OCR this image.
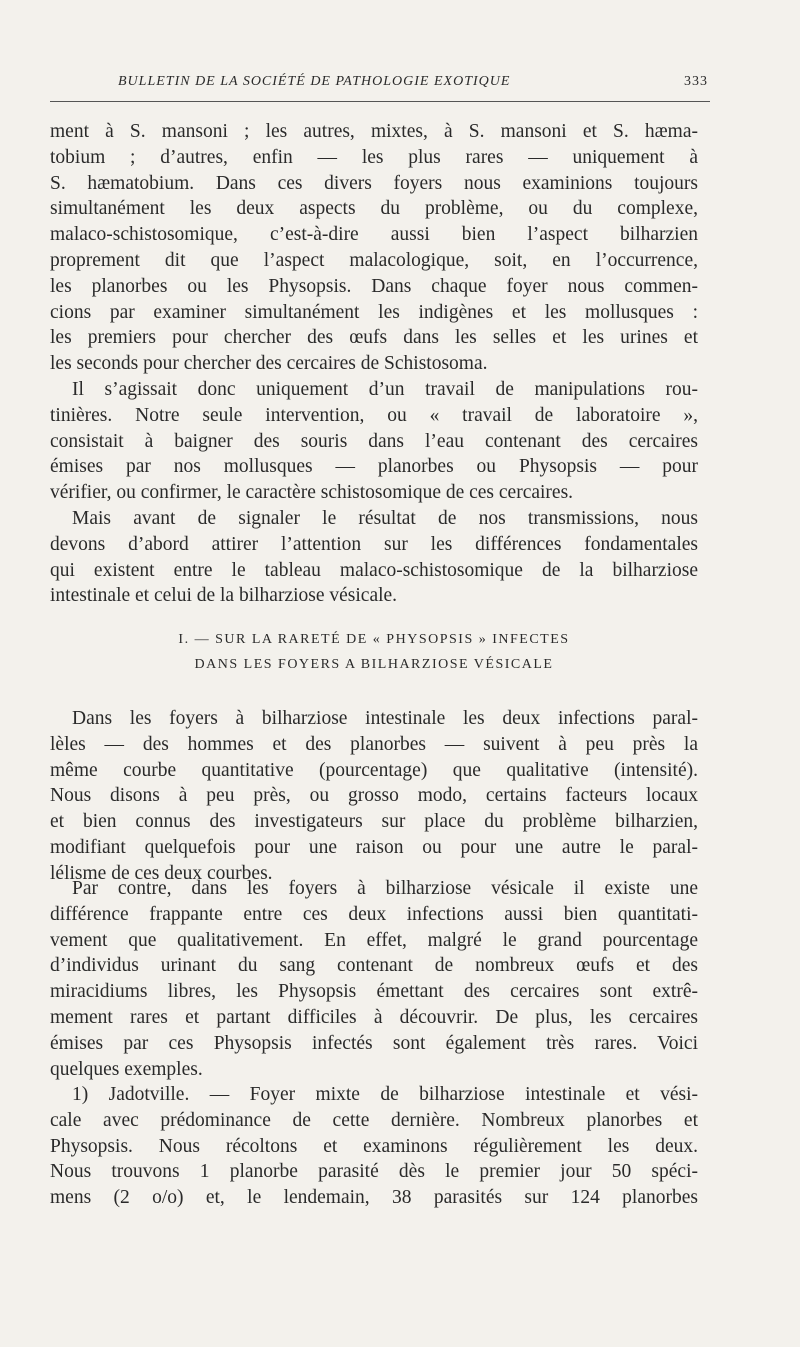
BULLETIN DE LA SOCIÉTÉ DE PATHOLOGIE EXOTIQUE	333
ment à S. mansoni ; les autres, mixtes, à S. mansoni et S. hæma-
tobium ; d’autres, enfin — les plus rares — uniquement à
S. hæmatobium. Dans ces divers foyers nous examinions toujours
simultanément les deux aspects du problème, ou du complexe,
malaco-schistosomique, c’est-à-dire aussi bien l’aspect bilharzien
proprement dit que l’aspect malacologique, soit, en l’occurrence,
les planorbes ou les Physopsis. Dans chaque foyer nous commen-
cions par examiner simultanément les indigènes et les mollusques :
les premiers pour chercher des œufs dans les selles et les urines et
les seconds pour chercher des cercaires de Schistosoma.
Il s’agissait donc uniquement d’un travail de manipulations rou-
tinières. Notre seule intervention, ou « travail de laboratoire »,
consistait à baigner des souris dans l’eau contenant des cercaires
émises par nos mollusques — planorbes ou Physopsis — pour
vérifier, ou confirmer, le caractère schistosomique de ces cercaires.
Mais avant de signaler le résultat de nos transmissions, nous
devons d’abord attirer l’attention sur les différences fondamentales
qui existent entre le tableau malaco-schistosomique de la bilharziose
intestinale et celui de la bilharziose vésicale.
I. — SUR LA RARETÉ DE « PHYSOPSIS » INFECTES
DANS LES FOYERS A BILHARZIOSE VÉSICALE
Dans les foyers à bilharziose intestinale les deux infections paral-
lèles — des hommes et des planorbes — suivent à peu près la
même courbe quantitative (pourcentage) que qualitative (intensité).
Nous disons à peu près, ou grosso modo, certains facteurs locaux
et bien connus des investigateurs sur place du problème bilharzien,
modifiant quelquefois pour une raison ou pour une autre le paral-
lélisme de ces deux courbes.
Par contre, dans les foyers à bilharziose vésicale il existe une
différence frappante entre ces deux infections aussi bien quantitati-
vement que qualitativement. En effet, malgré le grand pourcentage
d’individus urinant du sang contenant de nombreux œufs et des
miracidiums libres, les Physopsis émettant des cercaires sont extrê-
mement rares et partant difficiles à découvrir. De plus, les cercaires
émises par ces Physopsis infectés sont également très rares. Voici
quelques exemples.
1) Jadotville. — Foyer mixte de bilharziose intestinale et vési-
cale avec prédominance de cette dernière. Nombreux planorbes et
Physopsis. Nous récoltons et examinons régulièrement les deux.
Nous trouvons 1 planorbe parasité dès le premier jour 50 spéci-
mens (2 o/o) et, le lendemain, 38 parasités sur 124 planorbes
